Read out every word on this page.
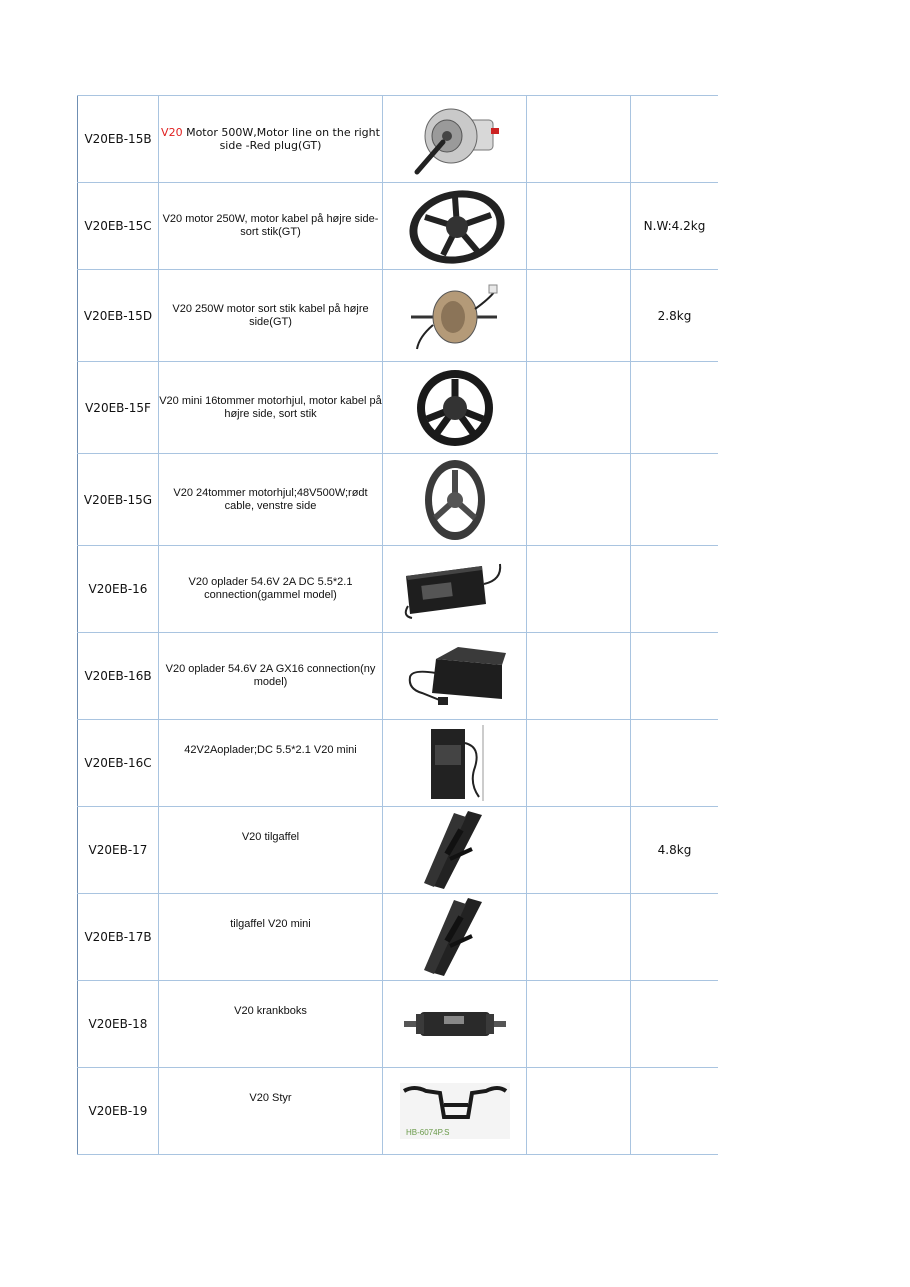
V20EB-15B	V20 Motor 500W,Motor line on the right side -Red plug(GT)	

V20EB-15C	V20 motor 250W, motor kabel på højre side-sort stik(GT)			N.W:4.2kg
V20EB-15D	V20 250W motor sort stik kabel på højre side(GT)			2.8kg
V20EB-15F	V20 mini 16tommer motorhjul, motor kabel på højre side, sort stik	

V20EB-15G	V20 24tommer motorhjul;48V500W;rødt cable, venstre side	

V20EB-16	V20 oplader 54.6V 2A DC 5.5*2.1 connection(gammel model)	

V20EB-16B	V20 oplader 54.6V 2A GX16 connection(ny model)	

V20EB-16C	42V2Aoplader;DC 5.5*2.1 V20 mini	

V20EB-17	V20 tilgaffel			4.8kg
V20EB-17B	tilgaffel V20 mini	

V20EB-18	V20 krankboks	

V20EB-19	V20 Styr	HB-6074P.S		
